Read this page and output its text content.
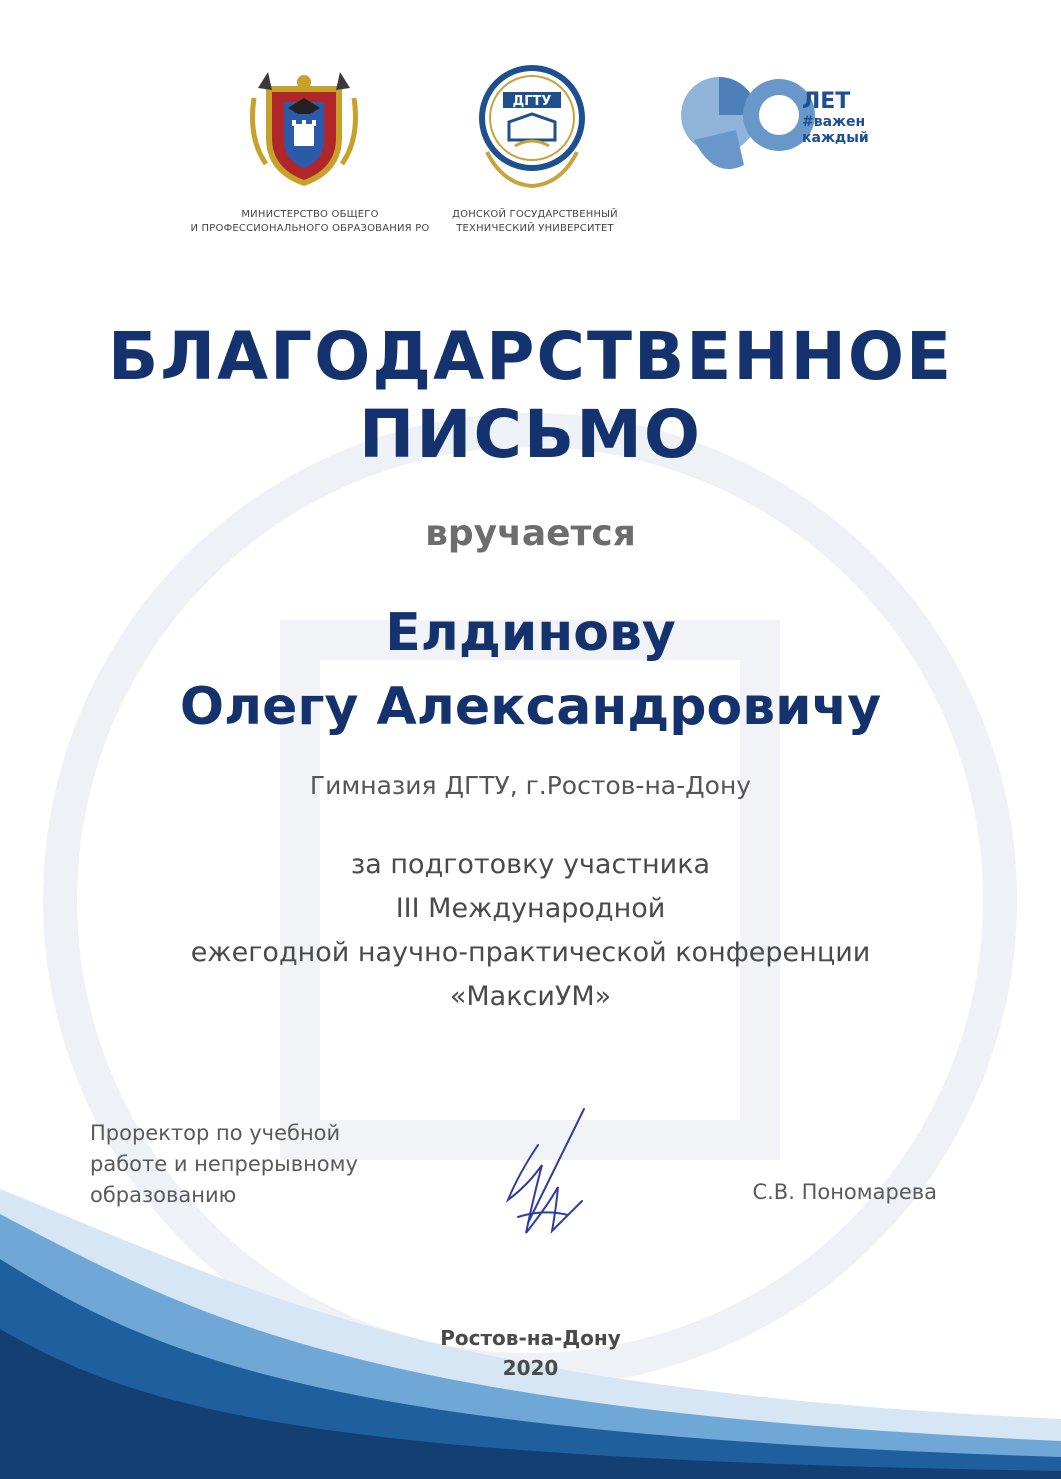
ДГТУ	ЛЕТ
#важен
каждый
МИНИСТЕРСТВО ОБЩЕГО
И ПРОФЕССИОНАЛЬНОГО ОБРАЗОВАНИЯ РО
ДОНСКОЙ ГОСУДАРСТВЕННЫЙ
ТЕХНИЧЕСКИЙ УНИВЕРСИТЕТ
БЛАГОДАРСТВЕННОЕ
ПИСЬМО
вручается
Елдинову
Олегу Александровичу
Гимназия ДГТУ, г.Ростов-на-Дону
за подготовку участника
III Международной
ежегодной научно-практической конференции
«МаксиУМ»
Проректор по учебной
работе и непрерывному
образованию	С.В. Пономарева
Ростов-на-Дону
2020
